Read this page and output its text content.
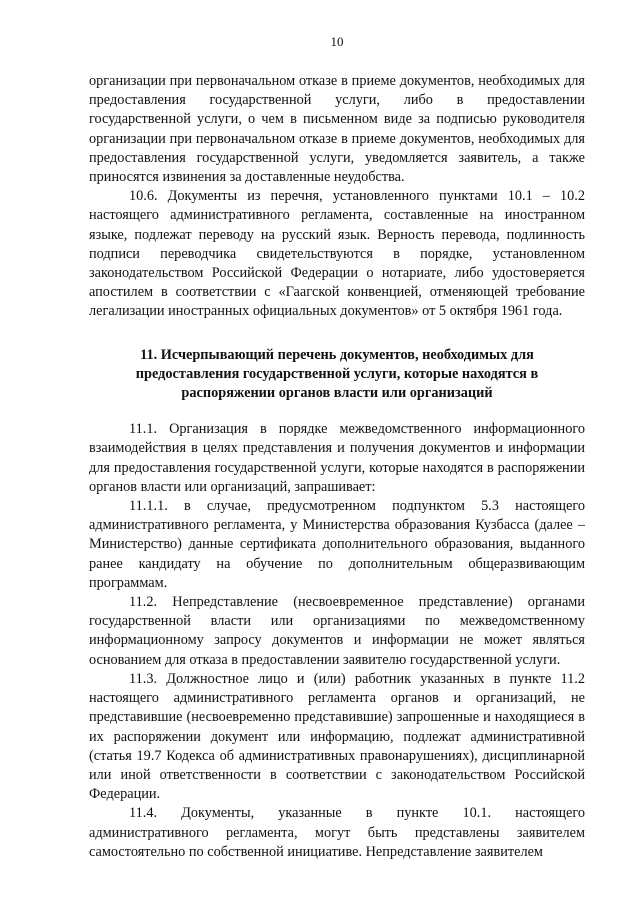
10

организации при первоначальном отказе в приеме документов, необходимых для предоставления государственной услуги, либо в предоставлении государственной услуги, о чем в письменном виде за подписью руководителя организации при первоначальном отказе в приеме документов, необходимых для предоставления государственной услуги, уведомляется заявитель, а также приносятся извинения за доставленные неудобства.

10.6. Документы из перечня, установленного пунктами 10.1 – 10.2 настоящего административного регламента, составленные на иностранном языке, подлежат переводу на русский язык. Верность перевода, подлинность подписи переводчика свидетельствуются в порядке, установленном законодательством Российской Федерации о нотариате, либо удостоверяется апостилем в соответствии с «Гаагской конвенцией, отменяющей требование легализации иностранных официальных документов» от 5 октября 1961 года.

11. Исчерпывающий перечень документов, необходимых для предоставления государственной услуги, которые находятся в распоряжении органов власти или организаций

11.1. Организация в порядке межведомственного информационного взаимодействия в целях представления и получения документов и информации для предоставления государственной услуги, которые находятся в распоряжении органов власти или организаций, запрашивает:

11.1.1. в случае, предусмотренном подпунктом 5.3 настоящего административного регламента, у Министерства образования Кузбасса (далее – Министерство) данные сертификата дополнительного образования, выданного ранее кандидату на обучение по дополнительным общеразвивающим программам.

11.2. Непредставление (несвоевременное представление) органами государственной власти или организациями по межведомственному информационному запросу документов и информации не может являться основанием для отказа в предоставлении заявителю государственной услуги.

11.3. Должностное лицо и (или) работник указанных в пункте 11.2 настоящего административного регламента органов и организаций, не представившие (несвоевременно представившие) запрошенные и находящиеся в их распоряжении документ или информацию, подлежат административной (статья 19.7 Кодекса об административных правонарушениях), дисциплинарной или иной ответственности в соответствии с законодательством Российской Федерации.

11.4. Документы, указанные в пункте 10.1. настоящего административного регламента, могут быть представлены заявителем самостоятельно по собственной инициативе. Непредставление заявителем
